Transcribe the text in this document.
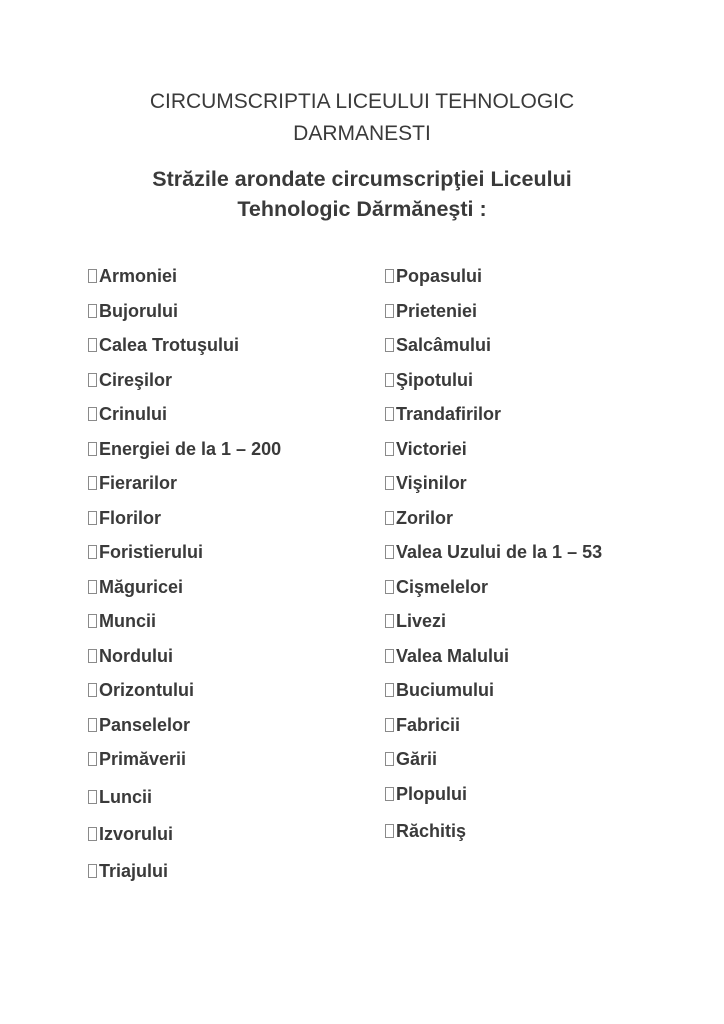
CIRCUMSCRIPTIA LICEULUI TEHNOLOGIC
DARMANESTI
Străzile arondate circumscripţiei Liceului
Tehnologic Dărmăneşti :
Armoniei
Bujorului
Calea Trotuşului
Cireşilor
Crinului
Energiei de la 1 – 200
Fierarilor
Florilor
Foristierului
Măguricei
Muncii
Nordului
Orizontului
Panselelor
Primăverii
Luncii
Izvorului
Triajului
Popasului
Prieteniei
Salcâmului
Şipotului
Trandafirilor
Victoriei
Vişinilor
Zorilor
Valea Uzului de la 1 – 53
Cişmelelor
Livezi
Valea Malului
Buciumului
Fabricii
Gării
Plopului
Răchitiş
